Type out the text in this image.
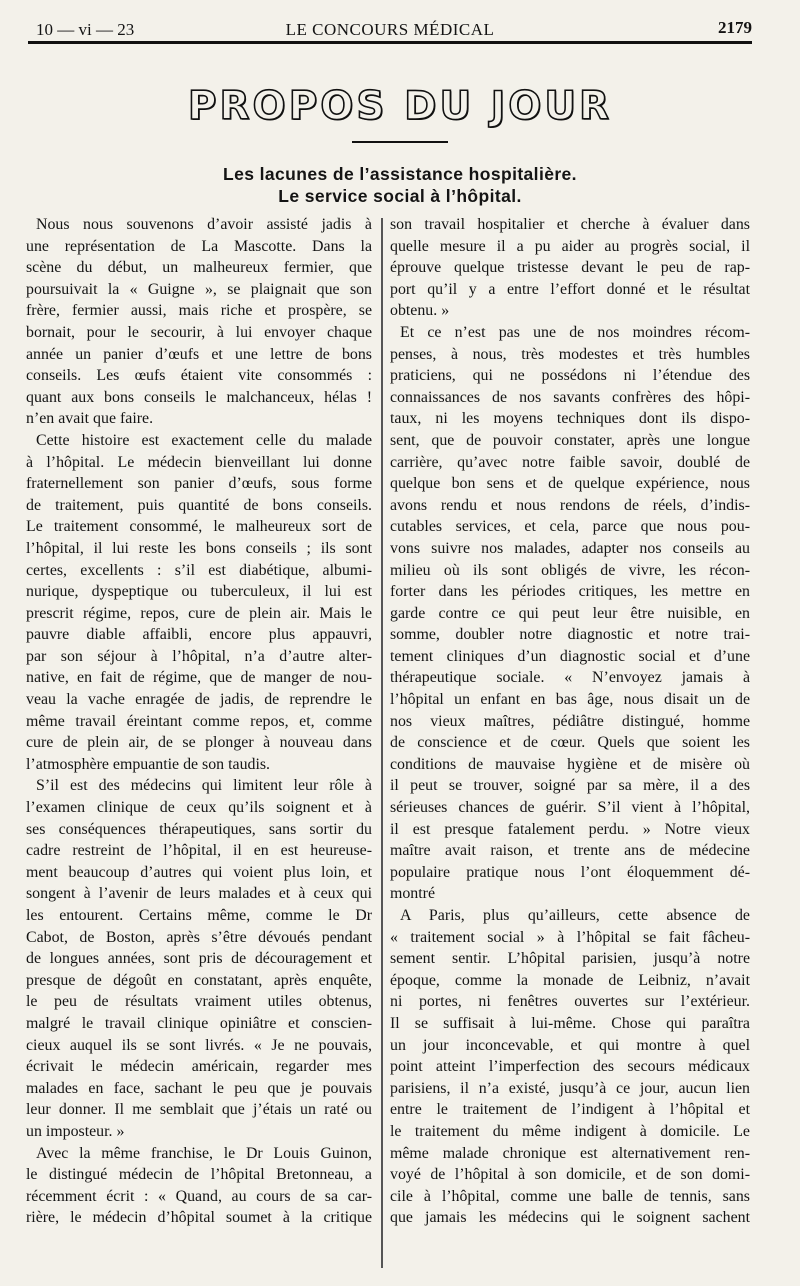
10 — vi — 23	LE CONCOURS MÉDICAL	2179
PROPOS DU JOUR
Les lacunes de l’assistance hospitalière.
Le service social à l’hôpital.
Nous nous souvenons d’avoir assisté jadis à
une représentation de La Mascotte. Dans la
scène du début, un malheureux fermier, que
poursuivait la « Guigne », se plaignait que son
frère, fermier aussi, mais riche et prospère, se
bornait, pour le secourir, à lui envoyer chaque
année un panier d’œufs et une lettre de bons
conseils. Les œufs étaient vite consommés :
quant aux bons conseils le malchanceux, hélas !
n’en avait que faire.
Cette histoire est exactement celle du malade
à l’hôpital. Le médecin bienveillant lui donne
fraternellement son panier d’œufs, sous forme
de traitement, puis quantité de bons conseils.
Le traitement consommé, le malheureux sort de
l’hôpital, il lui reste les bons conseils ; ils sont
certes, excellents : s’il est diabétique, albumi-
nurique, dyspeptique ou tuberculeux, il lui est
prescrit régime, repos, cure de plein air. Mais le
pauvre diable affaibli, encore plus appauvri,
par son séjour à l’hôpital, n’a d’autre alter-
native, en fait de régime, que de manger de nou-
veau la vache enragée de jadis, de reprendre le
même travail éreintant comme repos, et, comme
cure de plein air, de se plonger à nouveau dans
l’atmosphère empuantie de son taudis.
S’il est des médecins qui limitent leur rôle à
l’examen clinique de ceux qu’ils soignent et à
ses conséquences thérapeutiques, sans sortir du
cadre restreint de l’hôpital, il en est heureuse-
ment beaucoup d’autres qui voient plus loin, et
songent à l’avenir de leurs malades et à ceux qui
les entourent. Certains même, comme le Dr
Cabot, de Boston, après s’être dévoués pendant
de longues années, sont pris de découragement et
presque de dégoût en constatant, après enquête,
le peu de résultats vraiment utiles obtenus,
malgré le travail clinique opiniâtre et conscien-
cieux auquel ils se sont livrés. « Je ne pouvais,
écrivait le médecin américain, regarder mes
malades en face, sachant le peu que je pouvais
leur donner. Il me semblait que j’étais un raté ou
un imposteur. »
Avec la même franchise, le Dr Louis Guinon,
le distingué médecin de l’hôpital Bretonneau, a
récemment écrit : « Quand, au cours de sa car-
rière, le médecin d’hôpital soumet à la critique
son travail hospitalier et cherche à évaluer dans
quelle mesure il a pu aider au progrès social, il
éprouve quelque tristesse devant le peu de rap-
port qu’il y a entre l’effort donné et le résultat
obtenu. »
Et ce n’est pas une de nos moindres récom-
penses, à nous, très modestes et très humbles
praticiens, qui ne possédons ni l’étendue des
connaissances de nos savants confrères des hôpi-
taux, ni les moyens techniques dont ils dispo-
sent, que de pouvoir constater, après une longue
carrière, qu’avec notre faible savoir, doublé de
quelque bon sens et de quelque expérience, nous
avons rendu et nous rendons de réels, d’indis-
cutables services, et cela, parce que nous pou-
vons suivre nos malades, adapter nos conseils au
milieu où ils sont obligés de vivre, les récon-
forter dans les périodes critiques, les mettre en
garde contre ce qui peut leur être nuisible, en
somme, doubler notre diagnostic et notre trai-
tement cliniques d’un diagnostic social et d’une
thérapeutique sociale. « N’envoyez jamais à
l’hôpital un enfant en bas âge, nous disait un de
nos vieux maîtres, pédiâtre distingué, homme
de conscience et de cœur. Quels que soient les
conditions de mauvaise hygiène et de misère où
il peut se trouver, soigné par sa mère, il a des
sérieuses chances de guérir. S’il vient à l’hôpital,
il est presque fatalement perdu. » Notre vieux
maître avait raison, et trente ans de médecine
populaire pratique nous l’ont éloquemment dé-
montré
A Paris, plus qu’ailleurs, cette absence de
« traitement social » à l’hôpital se fait fâcheu-
sement sentir. L’hôpital parisien, jusqu’à notre
époque, comme la monade de Leibniz, n’avait
ni portes, ni fenêtres ouvertes sur l’extérieur.
Il se suffisait à lui-même. Chose qui paraîtra
un jour inconcevable, et qui montre à quel
point atteint l’imperfection des secours médicaux
parisiens, il n’a existé, jusqu’à ce jour, aucun lien
entre le traitement de l’indigent à l’hôpital et
le traitement du même indigent à domicile. Le
même malade chronique est alternativement ren-
voyé de l’hôpital à son domicile, et de son domi-
cile à l’hôpital, comme une balle de tennis, sans
que jamais les médecins qui le soignent sachent
